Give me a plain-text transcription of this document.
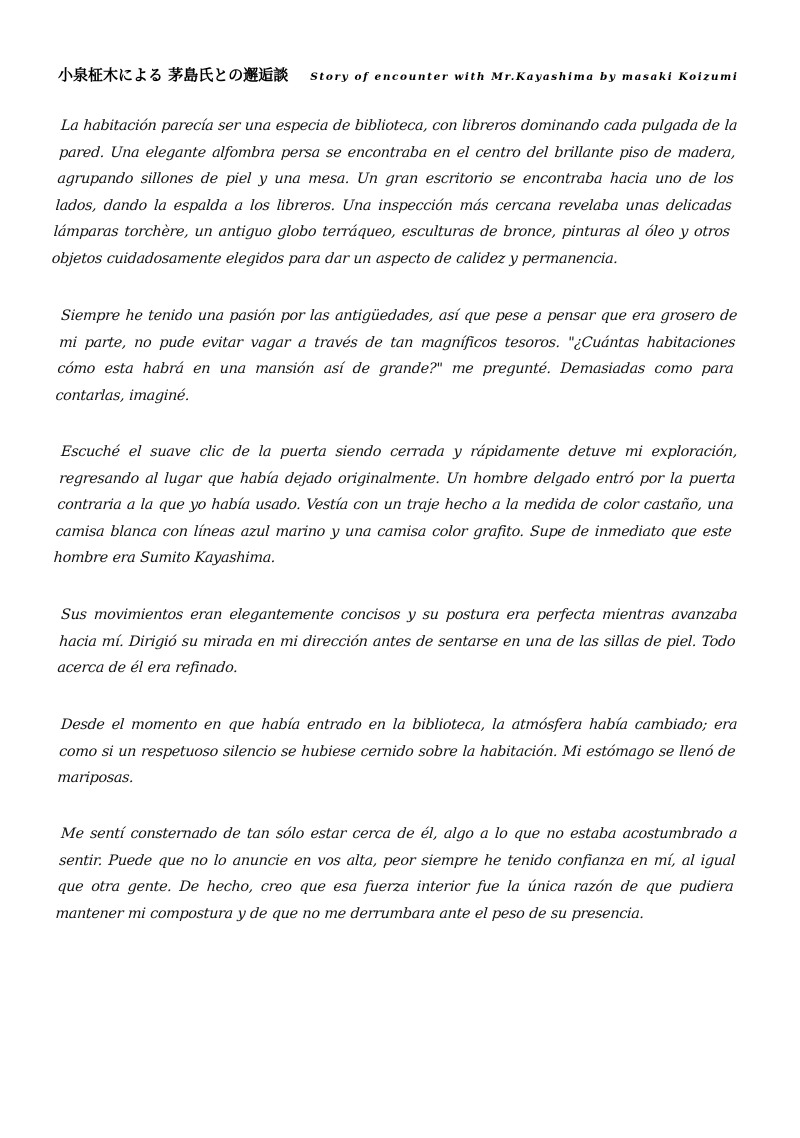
小泉柾木による 茅島氏との邂逅談 Story of encounter with Mr.Kayashima by masaki Koizumi

La habitación parecía ser una especia de biblioteca, con libreros dominando cada pulgada de la pared. Una elegante alfombra persa se encontraba en el centro del brillante piso de madera, agrupando sillones de piel y una mesa. Un gran escritorio se encontraba hacia uno de los lados, dando la espalda a los libreros. Una inspección más cercana revelaba unas delicadas lámparas torchère, un antiguo globo terráqueo, esculturas de bronce, pinturas al óleo y otros objetos cuidadosamente elegidos para dar un aspecto de calidez y permanencia.

Siempre he tenido una pasión por las antigüedades, así que pese a pensar que era grosero de mi parte, no pude evitar vagar a través de tan magníficos tesoros. "¿Cuántas habitaciones cómo esta habrá en una mansión así de grande?" me pregunté. Demasiadas como para contarlas, imaginé.

Escuché el suave clic de la puerta siendo cerrada y rápidamente detuve mi exploración, regresando al lugar que había dejado originalmente. Un hombre delgado entró por la puerta contraria a la que yo había usado. Vestía con un traje hecho a la medida de color castaño, una camisa blanca con líneas azul marino y una camisa color grafito. Supe de inmediato que este hombre era Sumito Kayashima.

Sus movimientos eran elegantemente concisos y su postura era perfecta mientras avanzaba hacia mí. Dirigió su mirada en mi dirección antes de sentarse en una de las sillas de piel. Todo acerca de él era refinado.

Desde el momento en que había entrado en la biblioteca, la atmósfera había cambiado; era como si un respetuoso silencio se hubiese cernido sobre la habitación. Mi estómago se llenó de mariposas.

Me sentí consternado de tan sólo estar cerca de él, algo a lo que no estaba acostumbrado a sentir. Puede que no lo anuncie en vos alta, peor siempre he tenido confianza en mí, al igual que otra gente. De hecho, creo que esa fuerza interior fue la única razón de que pudiera mantener mi compostura y de que no me derrumbara ante el peso de su presencia.
